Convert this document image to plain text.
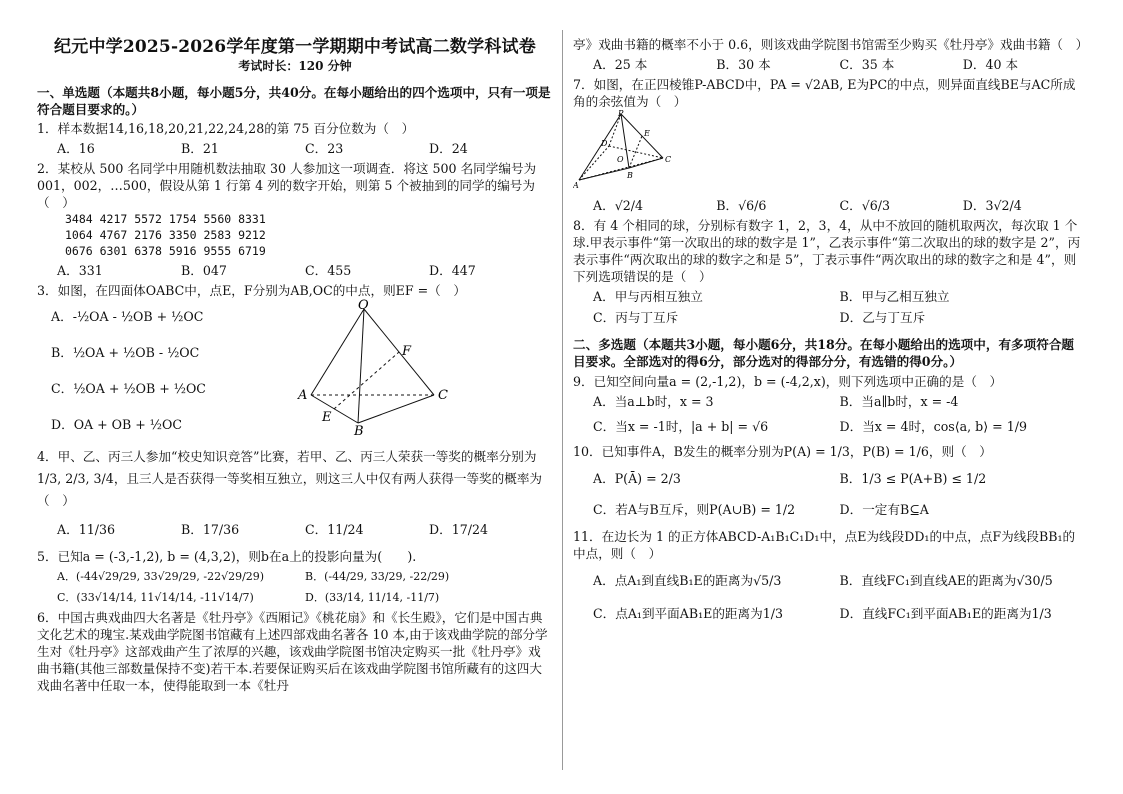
纪元中学2025-2026学年度第一学期期中考试高二数学科试卷
考试时长：120 分钟

一、单选题（本题共8小题，每小题5分，共40分。在每小题给出的四个选项中，只有一项是符合题目要求的。）

1．样本数据14,16,18,20,21,22,24,28的第 75 百分位数为（　）

A．16	B．21	C．23	D．24

2．某校从 500 名同学中用随机数法抽取 30 人参加这一项调查．将这 500 名同学编号为 001，002，…500，假设从第 1 行第 4 列的数字开始，则第 5 个被抽到的同学的编号为（　）

3484 4217 5572 1754 5560 8331
1064 4767 2176 3350 2583 9212
0676 6301 6378 5916 9555 6719
A．331	B．047	C．455	D．447

3．如图，在四面体OABC中，点E，F分别为AB,OC的中点，则EF =（　）

A．-½OA - ½OB + ½OC
B．½OA + ½OB - ½OC
C．½OA + ½OB + ½OC
D．OA + OB + ½OC
O
A
B
C
E
F

4．甲、乙、丙三人参加“校史知识竞答”比赛，若甲、乙、丙三人荣获一等奖的概率分别为1/3, 2/3, 3/4，且三人是否获得一等奖相互独立，则这三人中仅有两人获得一等奖的概率为（　）

A．11/36	B．17/36	C．11/24	D．17/24

5．已知a = (-3,-1,2), b = (4,3,2)，则b在a上的投影向量为(　　).

A．(-44√29/29, 33√29/29, -22√29/29)	B．(-44/29, 33/29, -22/29)
C．(33√14/14, 11√14/14, -11√14/7)	D．(33/14, 11/14, -11/7)

6．中国古典戏曲四大名著是《牡丹亭》《西厢记》《桃花扇》和《长生殿》，它们是中国古典文化艺术的瑰宝.某戏曲学院图书馆藏有上述四部戏曲名著各 10 本,由于该戏曲学院的部分学生对《牡丹亭》这部戏曲产生了浓厚的兴趣，该戏曲学院图书馆决定购买一批《牡丹亭》戏曲书籍(其他三部数量保持不变)若干本.若要保证购买后在该戏曲学院图书馆所藏有的这四大戏曲名著中任取一本，使得能取到一本《牡丹

亭》戏曲书籍的概率不小于 0.6，则该戏曲学院图书馆需至少购买《牡丹亭》戏曲书籍（　）

A．25 本	B．30 本	C．35 本	D．40 本

7．如图，在正四棱锥P-ABCD中，PA = √2AB, E为PC的中点，则异面直线BE与AC所成角的余弦值为（　）

P
A
B
C
D
E
O
A．√2/4	B．√6/6	C．√6/3	D．3√2/4

8．有 4 个相同的球，分别标有数字 1，2，3，4，从中不放回的随机取两次，每次取 1 个球.甲表示事件“第一次取出的球的数字是 1”，乙表示事件“第二次取出的球的数字是 2”，丙表示事件“两次取出的球的数字之和是 5”，丁表示事件“两次取出的球的数字之和是 4”，则下列选项错误的是（　）

A．甲与丙相互独立	B．甲与乙相互独立
C．丙与丁互斥	D．乙与丁互斥

二、多选题（本题共3小题，每小题6分，共18分。在每小题给出的选项中，有多项符合题目要求。全部选对的得6分，部分选对的得部分分，有选错的得0分。）

9．已知空间向量a = (2,-1,2)，b = (-4,2,x)，则下列选项中正确的是（　）

A．当a⊥b时，x = 3	B．当a∥b时，x = -4
C．当x = -1时，|a + b| = √6	D．当x = 4时，cos⟨a, b⟩ = 1/9

10．已知事件A，B发生的概率分别为P(A) = 1/3，P(B) = 1/6，则（　）

A．P(Ā) = 2/3	B．1/3 ≤ P(A+B) ≤ 1/2
C．若A与B互斥，则P(A∪B) = 1/2	D．一定有B⊆A

11．在边长为 1 的正方体ABCD-A₁B₁C₁D₁中，点E为线段DD₁的中点，点F为线段BB₁的中点，则（　）

A．点A₁到直线B₁E的距离为√5/3	B．直线FC₁到直线AE的距离为√30/5
C．点A₁到平面AB₁E的距离为1/3	D．直线FC₁到平面AB₁E的距离为1/3
